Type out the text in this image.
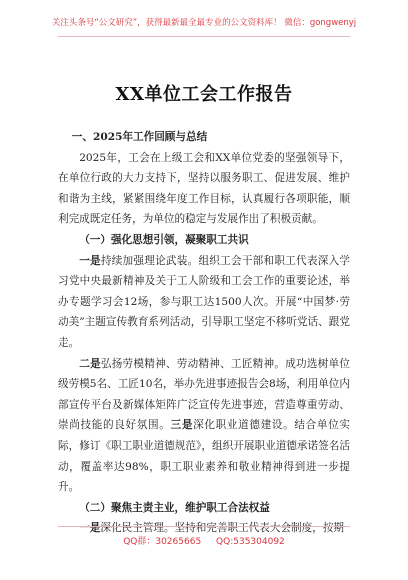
关注头条号“公文研究”，获得最新最全最专业的公文资料库！ 微信：gongwenyj
XX单位工会工作报告

一、2025年工作回顾与总结

2025年，工会在上级工会和XX单位党委的坚强领导下，在单位行政的大力支持下，坚持以服务职工、促进发展、维护和谐为主线，紧紧围绕年度工作目标，认真履行各项职能，顺利完成既定任务，为单位的稳定与发展作出了积极贡献。

（一）强化思想引领，凝聚职工共识

一是持续加强理论武装。组织工会干部和职工代表深入学习党中央最新精神及关于工人阶级和工会工作的重要论述，举办专题学习会12场，参与职工达1500人次。开展“中国梦·劳动美”主题宣传教育系列活动，引导职工坚定不移听党话、跟党走。

二是弘扬劳模精神、劳动精神、工匠精神。成功选树单位级劳模5名、工匠10名，举办先进事迹报告会8场，利用单位内部宣传平台及新媒体矩阵广泛宣传先进事迹，营造尊重劳动、崇尚技能的良好氛围。三是深化职业道德建设。结合单位实际，修订《职工职业道德规范》，组织开展职业道德承诺签名活动，覆盖率达98%，职工职业素养和敬业精神得到进一步提升。

（二）聚焦主责主业，维护职工合法权益

一是深化民主管理。坚持和完善职工代表大会制度，按期

QQ群：30265665 QQ:535304092
